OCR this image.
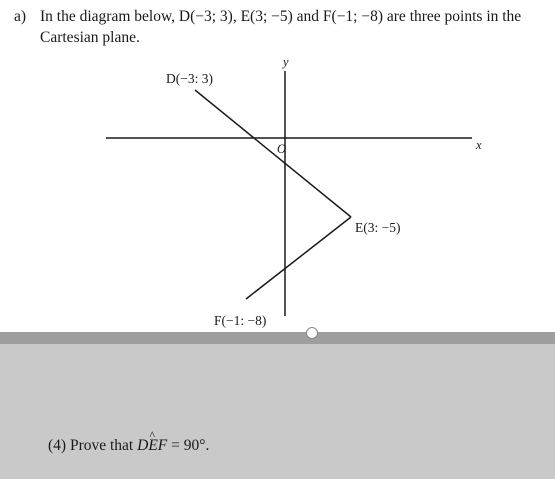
a) In the diagram below, D(−3; 3), E(3; −5) and F(−1; −8) are three points in the
Cartesian plane.
y
x
O
D(−3: 3)
E(3: −5)
F(−1: −8)
(4) Prove that D^ EF = 90°.
